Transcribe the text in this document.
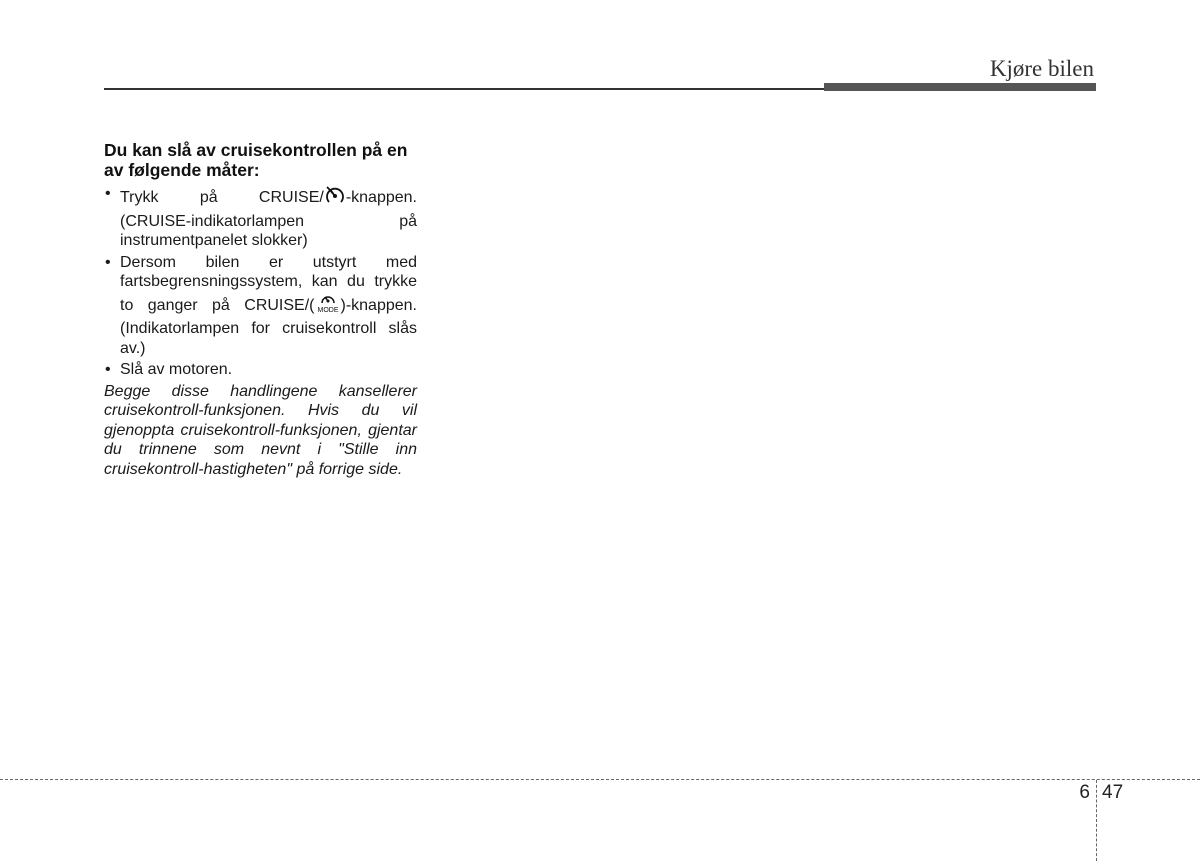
Kjøre bilen
Du kan slå av cruisekontrollen på en av følgende måter:
• Trykk på CRUISE/ -knappen. (CRUISE-indikatorlampen på instrumentpanelet slokker)
• Dersom bilen er utstyrt med fartsbegrensningssystem, kan du trykke to ganger på CRUISE/( MODE )-knappen. (Indikatorlampen for cruisekontroll slås av.)
• Slå av motoren.

Begge disse handlingene kansellerer cruisekontroll-funksjonen. Hvis du vil gjenoppta cruisekontroll-funksjonen, gjentar du trinnene som nevnt i "Stille inn cruisekontroll-hastigheten" på forrige side.

6 47
